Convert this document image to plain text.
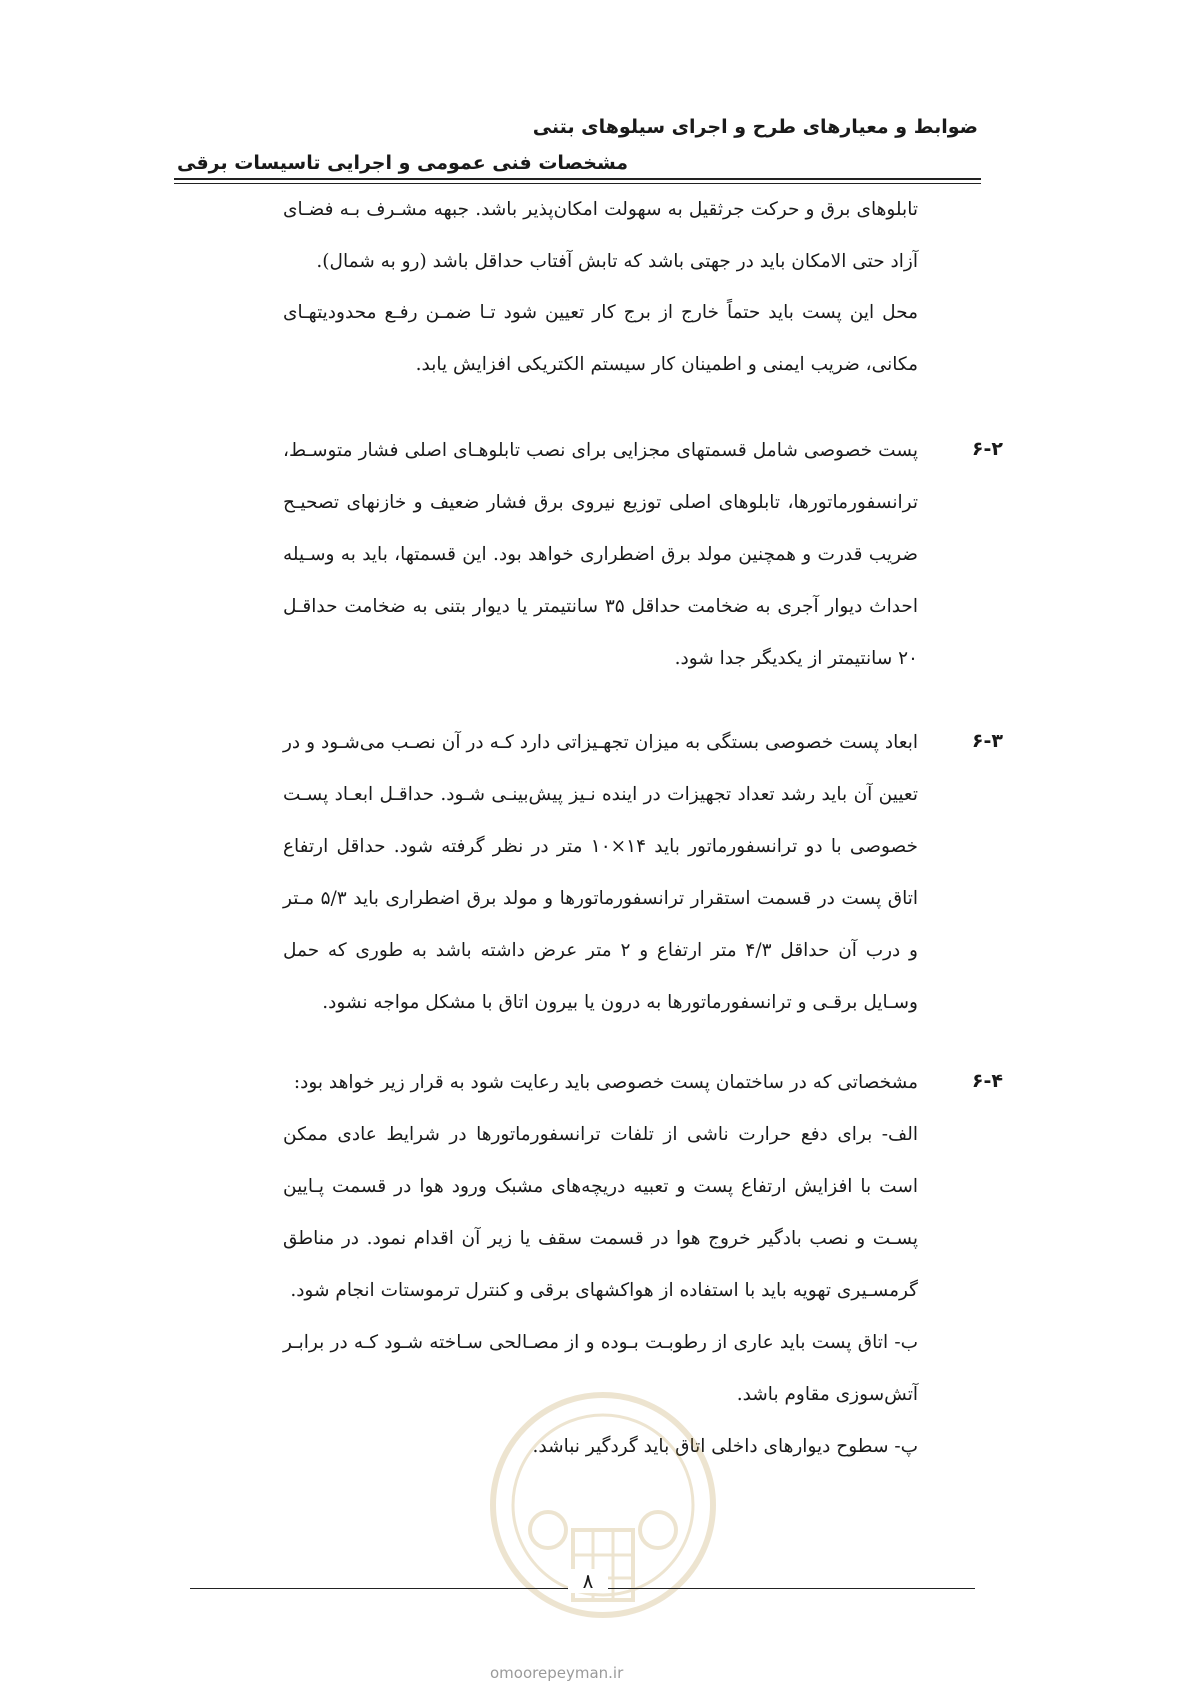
ضوابط و معیارهای طرح و اجرای سیلوهای بتنی
مشخصات فنی عمومی و اجرایی تاسیسات برقی
تابلوهای برق و حرکت جرثقیل به سهولت امکان‌پذیر باشد. جبهه مشـرف بـه فضـای آزاد حتی الامکان باید در جهتی باشد که تابش آفتاب حداقل باشد (رو به شمال).
محل این پست باید حتماً خارج از برج کار تعیین شود تـا ضمـن رفـع محدودیتهـای مکانی، ضریب ایمنی و اطمینان کار سیستم الکتریکی افزایش یابد.
۶-۲
پست خصوصی شامل قسمتهای مجزایی برای نصب تابلوهـای اصلی فشار متوسـط، ترانسفورماتورها، تابلوهای اصلی توزیع نیروی برق فشار ضعیف و خازنهای تصحیـح ضریب قدرت و همچنین مولد برق اضطراری خواهد بود. این قسمتها، باید به وسـیله احداث دیوار آجری به ضخامت حداقل ۳۵ سانتیمتر یا دیوار بتنی به ضخامت حداقـل ۲۰ سانتیمتر از یکدیگر جدا شود.
۶-۳
ابعاد پست خصوصی بستگی به میزان تجهـیزاتی دارد کـه در آن نصـب می‌شـود و در تعیین آن باید رشد تعداد تجهیزات در اینده نـیز پیش‌بینـی شـود. حداقـل ابعـاد پسـت خصوصی با دو ترانسفورماتور باید ۱۴×۱۰ متر در نظر گرفته شود. حداقل ارتفاع اتاق پست در قسمت استقرار ترانسفورماتورها و مولد برق اضطراری باید ۵/۳ مـتر و درب آن حداقل ۴/۳ متر ارتفاع و ۲ متر عرض داشته باشد به طوری که حمل وسـایل برقـی و ترانسفورماتورها به درون یا بیرون اتاق با مشکل مواجه نشود.
۶-۴
مشخصاتی که در ساختمان پست خصوصی باید رعایت شود به قرار زیر خواهد بود:
الف- برای دفع حرارت ناشی از تلفات ترانسفورماتورها در شرایط عادی ممکن است با افزایش ارتفاع پست و تعبیه دریچه‌های مشبک ورود هوا در قسمت پـایین پسـت و نصب بادگیر خروج هوا در قسمت سقف یا زیر آن اقدام نمود. در مناطق گرمسـیری تهویه باید با استفاده از هواکشهای برقی و کنترل ترموستات انجام شود.
ب- اتاق پست باید عاری از رطوبـت بـوده و از مصـالحی سـاخته شـود کـه در برابـر آتش‌سوزی مقاوم باشد.
پ- سطوح دیوارهای داخلی اتاق باید گردگیر نباشد.
۸
omoorepeyman.ir
